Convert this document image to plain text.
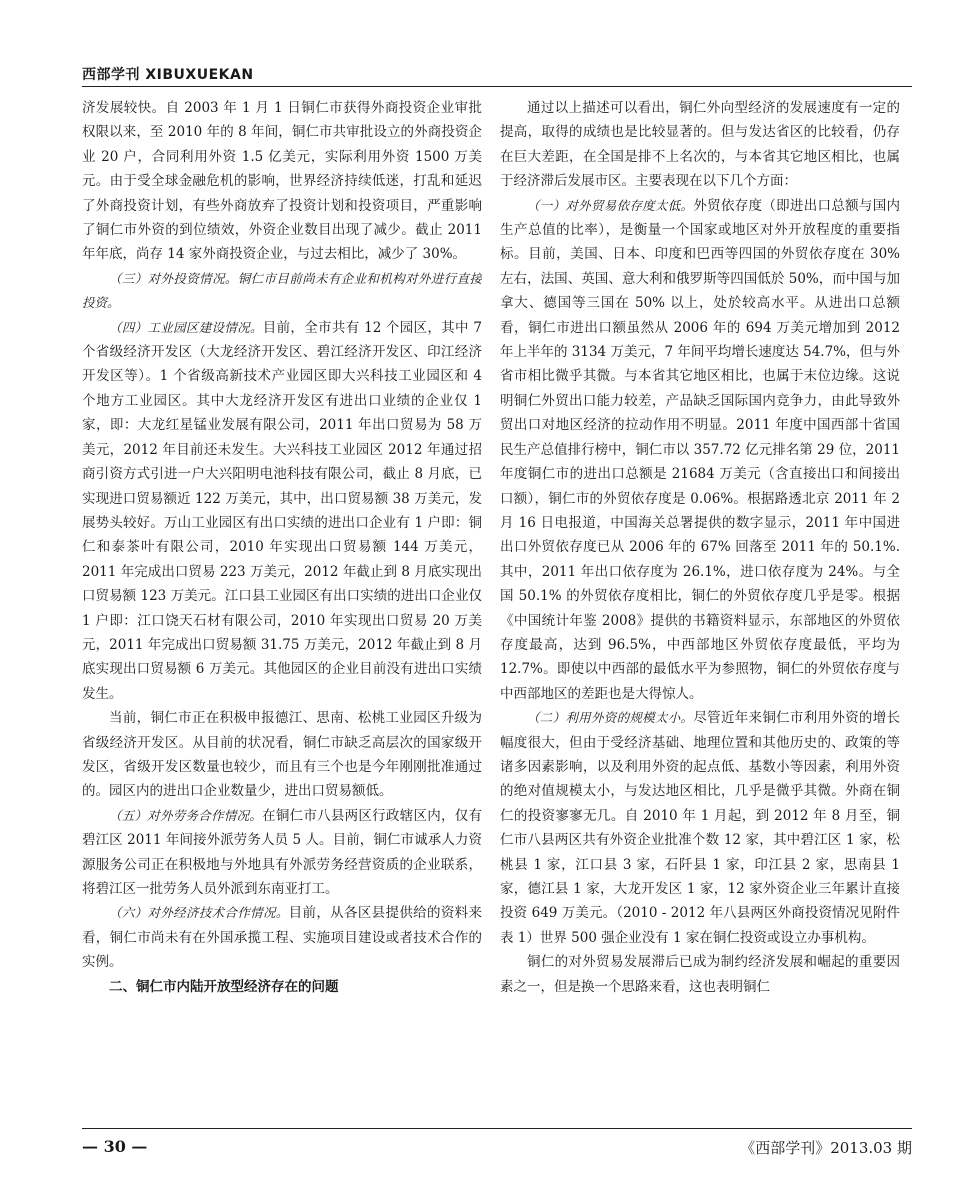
西部学刊 XIBUXUEKAN

济发展较快。自 2003 年 1 月 1 日铜仁市获得外商投资企业审批权限以来，至 2010 年的 8 年间，铜仁市共审批设立的外商投资企业 20 户，合同利用外资 1.5 亿美元，实际利用外资 1500 万美元。由于受全球金融危机的影响，世界经济持续低迷，打乱和延迟了外商投资计划，有些外商放弃了投资计划和投资项目，严重影响了铜仁市外资的到位绩效，外资企业数目出现了减少。截止 2011 年年底，尚存 14 家外商投资企业，与过去相比，减少了 30%。

（三）对外投资情况。铜仁市目前尚未有企业和机构对外进行直接投资。

（四）工业园区建设情况。目前，全市共有 12 个园区，其中 7 个省级经济开发区（大龙经济开发区、碧江经济开发区、印江经济开发区等）。1 个省级高新技术产业园区即大兴科技工业园区和 4 个地方工业园区。其中大龙经济开发区有进出口业绩的企业仅 1 家，即：大龙红星锰业发展有限公司，2011 年出口贸易为 58 万美元，2012 年目前还未发生。大兴科技工业园区 2012 年通过招商引资方式引进一户大兴阳明电池科技有限公司，截止 8 月底，已实现进口贸易额近 122 万美元，其中，出口贸易额 38 万美元，发展势头较好。万山工业园区有出口实绩的进出口企业有 1 户即：铜仁和泰茶叶有限公司，2010 年实现出口贸易额 144 万美元，2011 年完成出口贸易 223 万美元，2012 年截止到 8 月底实现出口贸易额 123 万美元。江口县工业园区有出口实绩的进出口企业仅 1 户即：江口饶天石材有限公司，2010 年实现出口贸易 20 万美元，2011 年完成出口贸易额 31.75 万美元，2012 年截止到 8 月底实现出口贸易额 6 万美元。其他园区的企业目前没有进出口实绩发生。

当前，铜仁市正在积极申报德江、思南、松桃工业园区升级为省级经济开发区。从目前的状况看，铜仁市缺乏高层次的国家级开发区，省级开发区数量也较少，而且有三个也是今年刚刚批准通过的。园区内的进出口企业数量少，进出口贸易额低。

（五）对外劳务合作情况。在铜仁市八县两区行政辖区内，仅有碧江区 2011 年间接外派劳务人员 5 人。目前，铜仁市诚承人力资源服务公司正在积极地与外地具有外派劳务经营资质的企业联系，将碧江区一批劳务人员外派到东南亚打工。

（六）对外经济技术合作情况。目前，从各区县提供给的资料来看，铜仁市尚未有在外国承揽工程、实施项目建设或者技术合作的实例。

二、铜仁市内陆开放型经济存在的问题

通过以上描述可以看出，铜仁外向型经济的发展速度有一定的提高，取得的成绩也是比较显著的。但与发达省区的比较看，仍存在巨大差距，在全国是排不上名次的，与本省其它地区相比，也属于经济滞后发展市区。主要表现在以下几个方面：

（一）对外贸易依存度太低。外贸依存度（即进出口总额与国内生产总值的比率），是衡量一个国家或地区对外开放程度的重要指标。目前，美国、日本、印度和巴西等四国的外贸依存度在 30% 左右，法国、英国、意大利和俄罗斯等四国低於 50%，而中国与加拿大、德国等三国在 50% 以上，处於较高水平。从进出口总额看，铜仁市进出口额虽然从 2006 年的 694 万美元增加到 2012 年上半年的 3134 万美元，7 年间平均增长速度达 54.7%，但与外省市相比微乎其微。与本省其它地区相比，也属于末位边缘。这说明铜仁外贸出口能力较差，产品缺乏国际国内竞争力，由此导致外贸出口对地区经济的拉动作用不明显。2011 年度中国西部十省国民生产总值排行榜中，铜仁市以 357.72 亿元排名第 29 位，2011 年度铜仁市的进出口总额是 21684 万美元（含直接出口和间接出口额），铜仁市的外贸依存度是 0.06%。根据路透北京 2011 年 2 月 16 日电报道，中国海关总署提供的数字显示，2011 年中国进出口外贸依存度已从 2006 年的 67% 回落至 2011 年的 50.1%. 其中，2011 年出口依存度为 26.1%，进口依存度为 24%。与全国 50.1% 的外贸依存度相比，铜仁的外贸依存度几乎是零。根据《中国统计年鉴 2008》提供的书籍资料显示，东部地区的外贸依存度最高，达到 96.5%，中西部地区外贸依存度最低，平均为 12.7%。即使以中西部的最低水平为参照物，铜仁的外贸依存度与中西部地区的差距也是大得惊人。

（二）利用外资的规模太小。尽管近年来铜仁市利用外资的增长幅度很大，但由于受经济基础、地理位置和其他历史的、政策的等诸多因素影响，以及利用外资的起点低、基数小等因素，利用外资的绝对值规模太小，与发达地区相比，几乎是微乎其微。外商在铜仁的投资寥寥无几。自 2010 年 1 月起，到 2012 年 8 月至，铜仁市八县两区共有外资企业批准个数 12 家，其中碧江区 1 家，松桃县 1 家，江口县 3 家，石阡县 1 家，印江县 2 家，思南县 1 家，德江县 1 家，大龙开发区 1 家，12 家外资企业三年累计直接投资 649 万美元。（2010 - 2012 年八县两区外商投资情况见附件表 1）世界 500 强企业没有 1 家在铜仁投资或设立办事机构。

铜仁的对外贸易发展滞后已成为制约经济发展和崛起的重要因素之一，但是换一个思路来看，这也表明铜仁

— 30 —	《西部学刊》2013.03 期
